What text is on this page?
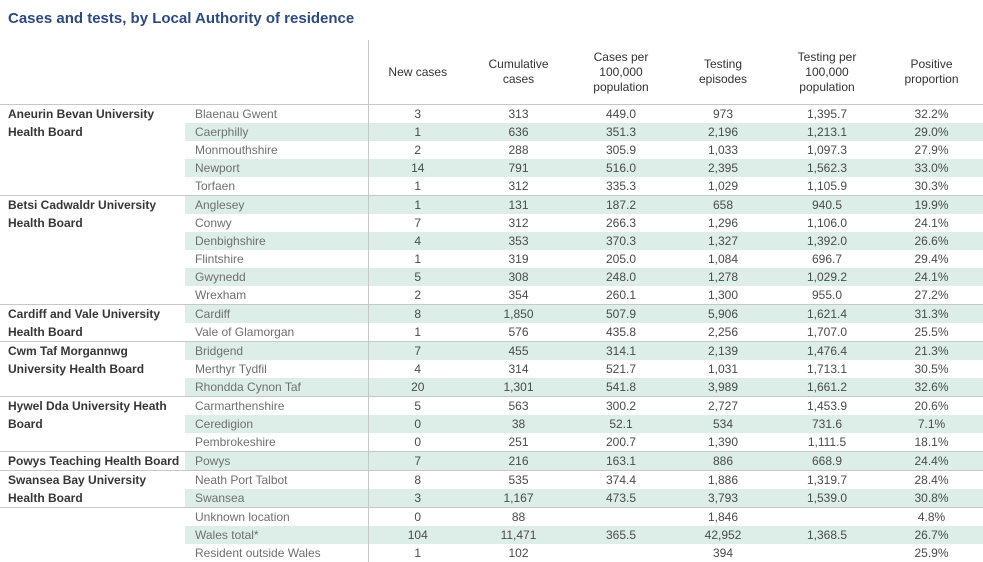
Cases and tests, by Local Authority of residence
		New cases	Cumulative cases	Cases per 100,000 population	Testing episodes	Testing per 100,000 population	Positive proportion

Aneurin Bevan University Health Board	Blaenau Gwent	3	313	449.0	973	1,395.7	32.2%
	Caerphilly	1	636	351.3	2,196	1,213.1	29.0%
	Monmouthshire	2	288	305.9	1,033	1,097.3	27.9%
	Newport	14	791	516.0	2,395	1,562.3	33.0%
	Torfaen	1	312	335.3	1,029	1,105.9	30.3%

Betsi Cadwaldr University Health Board	Anglesey	1	131	187.2	658	940.5	19.9%
	Conwy	7	312	266.3	1,296	1,106.0	24.1%
	Denbighshire	4	353	370.3	1,327	1,392.0	26.6%
	Flintshire	1	319	205.0	1,084	696.7	29.4%
	Gwynedd	5	308	248.0	1,278	1,029.2	24.1%
	Wrexham	2	354	260.1	1,300	955.0	27.2%

Cardiff and Vale University Health Board	Cardiff	8	1,850	507.9	5,906	1,621.4	31.3%
	Vale of Glamorgan	1	576	435.8	2,256	1,707.0	25.5%

Cwm Taf Morgannwg University Health Board	Bridgend	7	455	314.1	2,139	1,476.4	21.3%
	Merthyr Tydfil	4	314	521.7	1,031	1,713.1	30.5%
	Rhondda Cynon Taf	20	1,301	541.8	3,989	1,661.2	32.6%

Hywel Dda University Heath Board	Carmarthenshire	5	563	300.2	2,727	1,453.9	20.6%
	Ceredigion	0	38	52.1	534	731.6	7.1%
	Pembrokeshire	0	251	200.7	1,390	1,111.5	18.1%

Powys Teaching Health Board	Powys	7	216	163.1	886	668.9	24.4%

Swansea Bay University Health Board	Neath Port Talbot	8	535	374.4	1,886	1,319.7	28.4%
	Swansea	3	1,167	473.5	3,793	1,539.0	30.8%

	Unknown location	0	88		1,846		4.8%
	Wales total*	104	11,471	365.5	42,952	1,368.5	26.7%
	Resident outside Wales	1	102		394		25.9%
